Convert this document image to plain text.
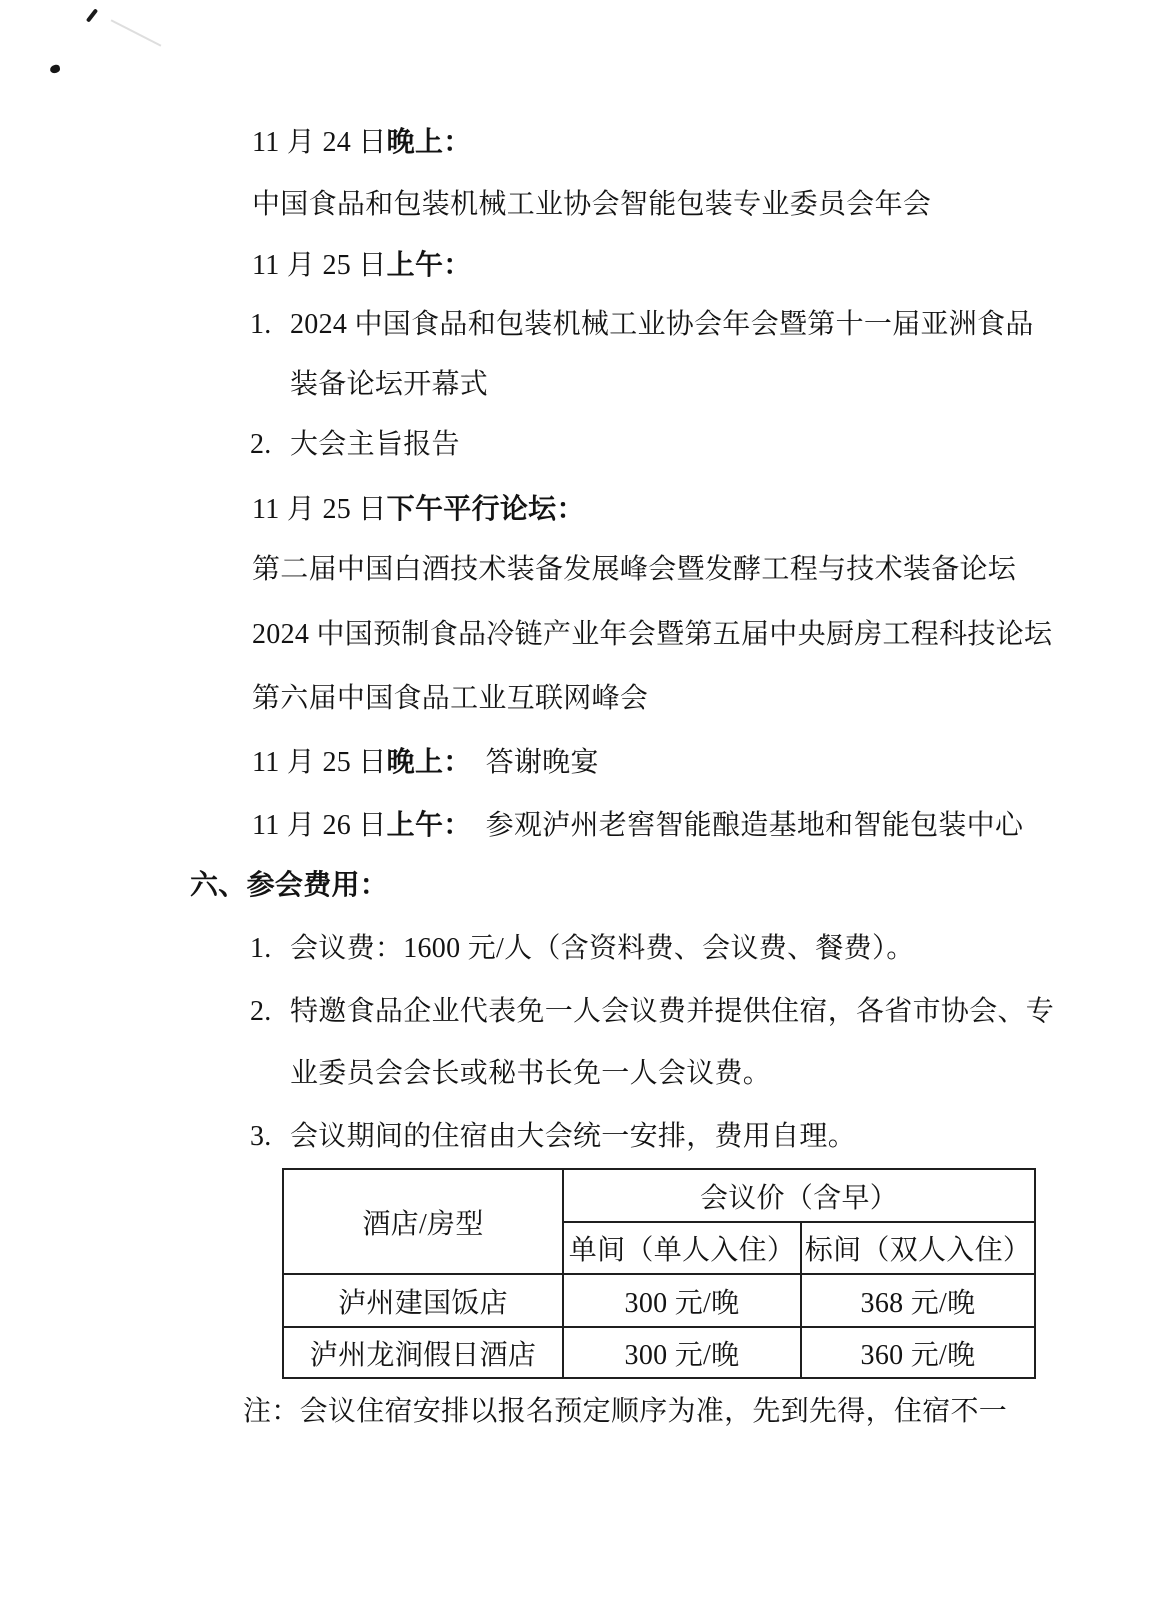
11 月 24 日晚上：
中国食品和包装机械工业协会智能包装专业委员会年会
11 月 25 日上午：
1. 2024 中国食品和包装机械工业协会年会暨第十一届亚洲食品
装备论坛开幕式
2. 大会主旨报告
11 月 25 日下午平行论坛：
第二届中国白酒技术装备发展峰会暨发酵工程与技术装备论坛
2024 中国预制食品冷链产业年会暨第五届中央厨房工程科技论坛
第六届中国食品工业互联网峰会
11 月 25 日晚上： 答谢晚宴
11 月 26 日上午： 参观泸州老窖智能酿造基地和智能包装中心
六、参会费用：
1. 会议费：1600 元/人（含资料费、会议费、餐费）。
2. 特邀食品企业代表免一人会议费并提供住宿，各省市协会、专
业委员会会长或秘书长免一人会议费。
3. 会议期间的住宿由大会统一安排，费用自理。
酒店/房型
会议价（含早）
单间（单人入住） 标间（双人入住）
泸州建国饭店	300 元/晚	368 元/晚
泸州龙涧假日酒店	300 元/晚	360 元/晚
注：会议住宿安排以报名预定顺序为准，先到先得，住宿不一
